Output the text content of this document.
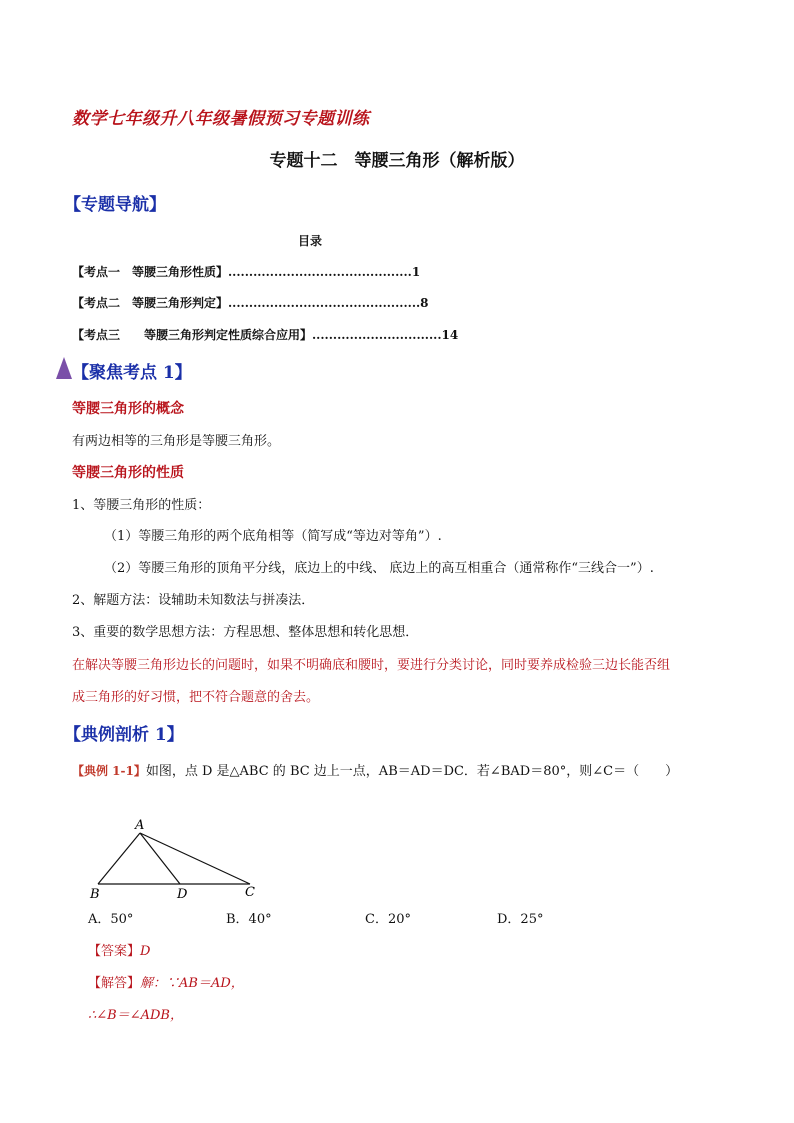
数学七年级升八年级暑假预习专题训练
专题十二　等腰三角形（解析版）
【专题导航】
目录
【考点一　等腰三角形性质】............................................1
【考点二　等腰三角形判定】..............................................8
【考点三　　等腰三角形判定性质综合应用】...............................14
【聚焦考点 1】
等腰三角形的概念
有两边相等的三角形是等腰三角形。
等腰三角形的性质
1、等腰三角形的性质：
（1）等腰三角形的两个底角相等（简写成“等边对等角”）.
（2）等腰三角形的顶角平分线，底边上的中线、 底边上的高互相重合（通常称作“三线合一”）.
2、解题方法：设辅助未知数法与拼凑法．
3、重要的数学思想方法：方程思想、整体思想和转化思想．
在解决等腰三角形边长的问题时，如果不明确底和腰时，要进行分类讨论，同时要养成检验三边长能否组
成三角形的好习惯，把不符合题意的舍去。
【典例剖析 1】
【典例 1-1】如图，点 D 是△ABC 的 BC 边上一点，AB＝AD＝DC．若∠BAD＝80°，则∠C＝（　　）
A
B	D	C
A．50°	B．40°	C．20°	D．25°
【答案】D
【解答】解：∵AB＝AD，
∴∠B＝∠ADB，
